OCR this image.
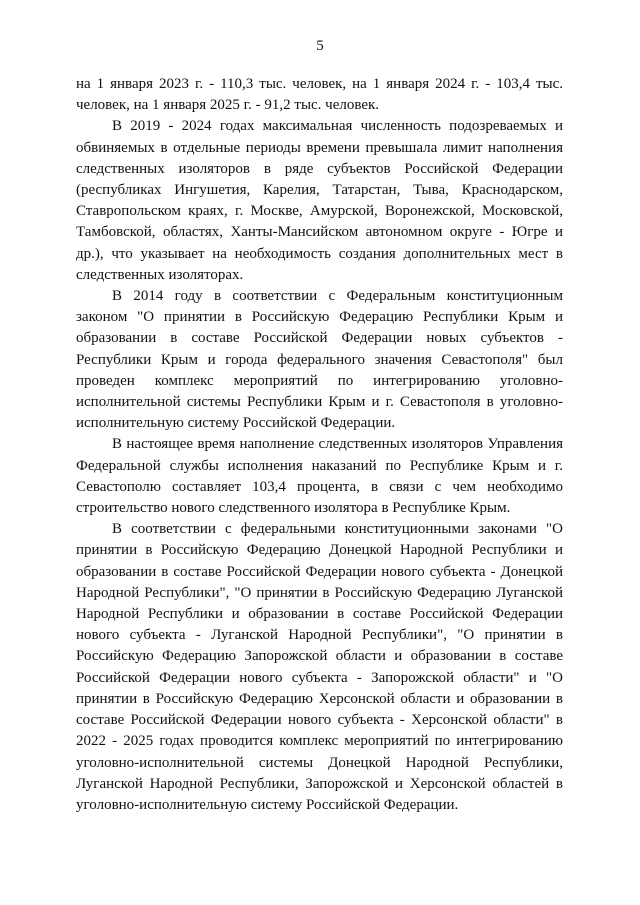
5

на 1 января 2023 г. - 110,3 тыс. человек, на 1 января 2024 г. - 103,4 тыс. человек, на 1 января 2025 г. - 91,2 тыс. человек.

В 2019 - 2024 годах максимальная численность подозреваемых и обвиняемых в отдельные периоды времени превышала лимит наполнения следственных изоляторов в ряде субъектов Российской Федерации (республиках Ингушетия, Карелия, Татарстан, Тыва, Краснодарском, Ставропольском краях, г. Москве, Амурской, Воронежской, Московской, Тамбовской, областях, Ханты-Мансийском автономном округе - Югре и др.), что указывает на необходимость создания дополнительных мест в следственных изоляторах.

В 2014 году в соответствии с Федеральным конституционным законом "О принятии в Российскую Федерацию Республики Крым и образовании в составе Российской Федерации новых субъектов - Республики Крым и города федерального значения Севастополя" был проведен комплекс мероприятий по интегрированию уголовно-исполнительной системы Республики Крым и г. Севастополя в уголовно-исполнительную систему Российской Федерации.

В настоящее время наполнение следственных изоляторов Управления Федеральной службы исполнения наказаний по Республике Крым и г. Севастополю составляет 103,4 процента, в связи с чем необходимо строительство нового следственного изолятора в Республике Крым.

В соответствии с федеральными конституционными законами "О принятии в Российскую Федерацию Донецкой Народной Республики и образовании в составе Российской Федерации нового субъекта - Донецкой Народной Республики", "О принятии в Российскую Федерацию Луганской Народной Республики и образовании в составе Российской Федерации нового субъекта - Луганской Народной Республики", "О принятии в Российскую Федерацию Запорожской области и образовании в составе Российской Федерации нового субъекта - Запорожской области" и "О принятии в Российскую Федерацию Херсонской области и образовании в составе Российской Федерации нового субъекта - Херсонской области" в 2022 - 2025 годах проводится комплекс мероприятий по интегрированию уголовно-исполнительной системы Донецкой Народной Республики, Луганской Народной Республики, Запорожской и Херсонской областей в уголовно-исполнительную систему Российской Федерации.
